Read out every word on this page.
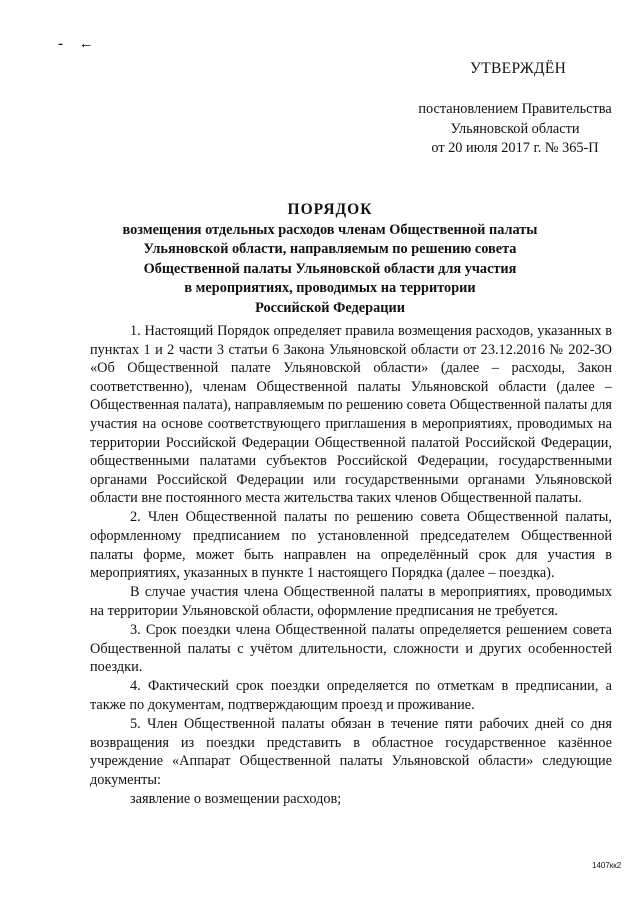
- ←
УТВЕРЖДЁН
постановлением Правительства
Ульяновской области
от 20 июля 2017 г. № 365-П
ПОРЯДОК
возмещения отдельных расходов членам Общественной палаты
Ульяновской области, направляемым по решению совета
Общественной палаты Ульяновской области для участия
в мероприятиях, проводимых на территории
Российской Федерации

1. Настоящий Порядок определяет правила возмещения расходов, указанных в пунктах 1 и 2 части 3 статьи 6 Закона Ульяновской области от 23.12.2016 № 202-ЗО «Об Общественной палате Ульяновской области» (далее – расходы, Закон соответственно), членам Общественной палаты Ульяновской области (далее – Общественная палата), направляемым по решению совета Общественной палаты для участия на основе соответствующего приглашения в мероприятиях, проводимых на территории Российской Федерации Общественной палатой Российской Федерации, общественными палатами субъектов Российской Федерации, государственными органами Российской Федерации или государственными органами Ульяновской области вне постоянного места жительства таких членов Общественной палаты.

2. Член Общественной палаты по решению совета Общественной палаты, оформленному предписанием по установленной председателем Общественной палаты форме, может быть направлен на определённый срок для участия в мероприятиях, указанных в пункте 1 настоящего Порядка (далее – поездка).

В случае участия члена Общественной палаты в мероприятиях, проводимых на территории Ульяновской области, оформление предписания не требуется.

3. Срок поездки члена Общественной палаты определяется решением совета Общественной палаты с учётом длительности, сложности и других особенностей поездки.

4. Фактический срок поездки определяется по отметкам в предписании, а также по документам, подтверждающим проезд и проживание.

5. Член Общественной палаты обязан в течение пяти рабочих дней со дня возвращения из поездки представить в областное государственное казённое учреждение «Аппарат Общественной палаты Ульяновской области» следующие документы:

заявление о возмещении расходов;

1407кк2
